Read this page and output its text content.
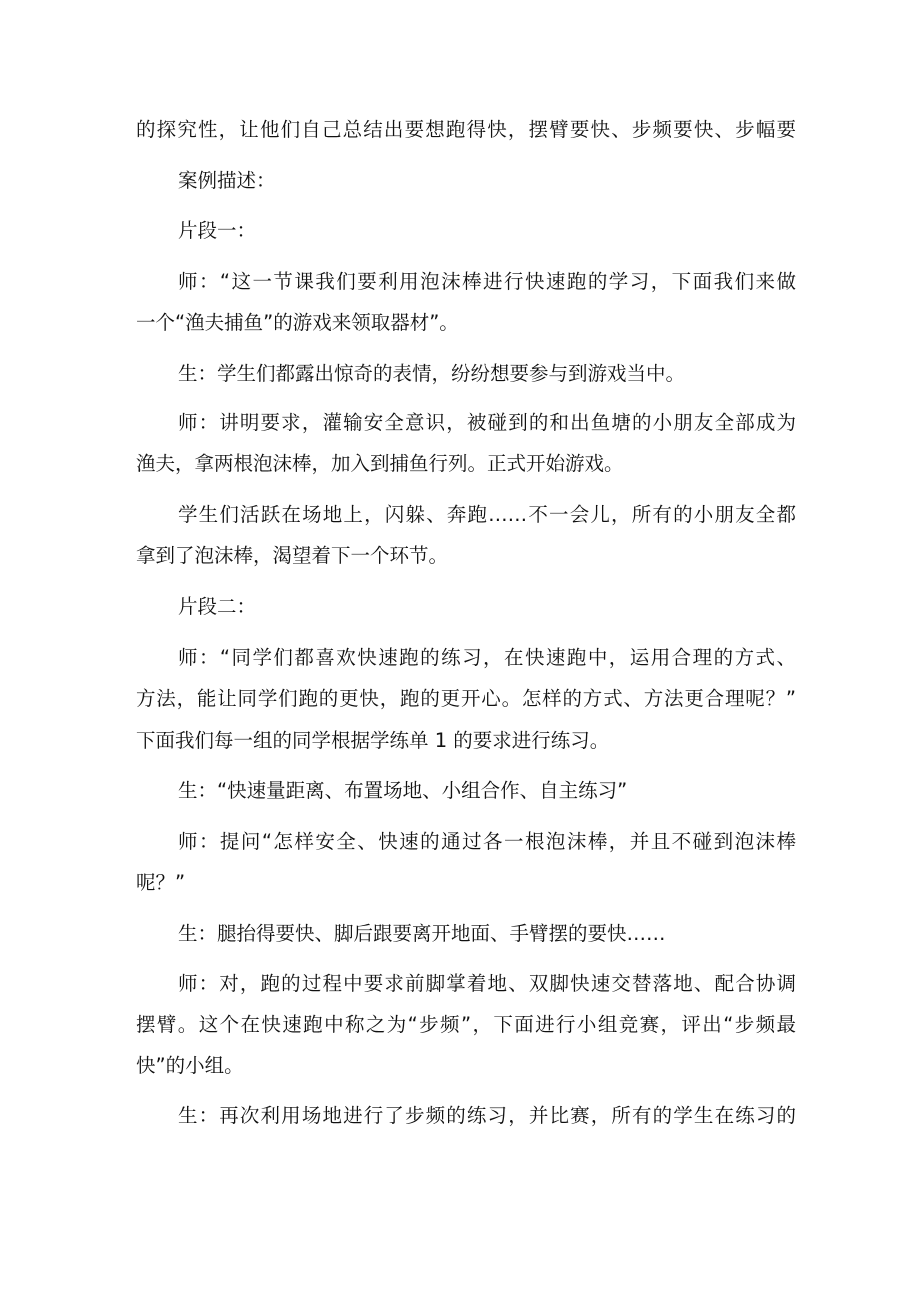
的探究性，让他们自己总结出要想跑得快，摆臂要快、步频要快、步幅要

案例描述：

片段一：

师：“这一节课我们要利用泡沫棒进行快速跑的学习，下面我们来做

一个“渔夫捕鱼”的游戏来领取器材”。

生：学生们都露出惊奇的表情，纷纷想要参与到游戏当中。

师：讲明要求，灌输安全意识，被碰到的和出鱼塘的小朋友全部成为

渔夫，拿两根泡沫棒，加入到捕鱼行列。正式开始游戏。

学生们活跃在场地上，闪躲、奔跑……不一会儿，所有的小朋友全都

拿到了泡沫棒，渴望着下一个环节。

片段二：

师：“同学们都喜欢快速跑的练习，在快速跑中，运用合理的方式、

方法，能让同学们跑的更快，跑的更开心。怎样的方式、方法更合理呢？”

下面我们每一组的同学根据学练单 1 的要求进行练习。

生：“快速量距离、布置场地、小组合作、自主练习”

师：提问“怎样安全、快速的通过各一根泡沫棒，并且不碰到泡沫棒

呢？”

生：腿抬得要快、脚后跟要离开地面、手臂摆的要快……

师：对，跑的过程中要求前脚掌着地、双脚快速交替落地、配合协调

摆臂。这个在快速跑中称之为“步频”，下面进行小组竞赛，评出“步频最

快”的小组。

生：再次利用场地进行了步频的练习，并比赛，所有的学生在练习的
